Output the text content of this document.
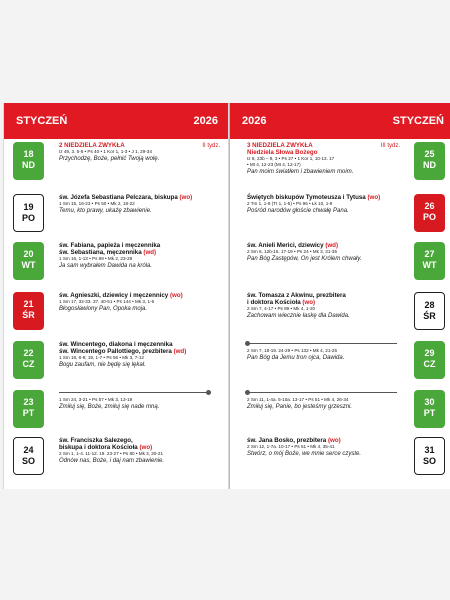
STYCZEŃ	2026
18
ND
II tydz.
2 NIEDZIELA ZWYKŁA
Iz 49, 3. 5-6 • Ps 40 • 1 Kor 1, 1-3 • J 1, 29-34
Przychodzę, Boże, pełnić Twoją wolę.
19
PO
św. Józefa Sebastiana Pelczara, biskupa (wo)
1 Sm 15, 16-23 • Ps 50 • Mk 2, 18-22
Temu, kto prawy, ukażę zbawienie.
20
WT
św. Fabiana, papieża i męczennika
św. Sebastiana, męczennika (wd)
1 Sm 16, 1-13 • Ps 89 • Mk 2, 23-28
Ja sam wybrałem Dawida na króla.
21
ŚR
św. Agnieszki, dziewicy i męczennicy (wo)
1 Sm 17, 32-33. 37. 40-51 • Ps 144 • Mk 3, 1-6
Błogosławiony Pan, Opoka moja.
22
CZ
św. Wincentego, diakona i męczennika
św. Wincentego Pallottiego, prezbitera (wd)
1 Sm 18, 6-9; 19, 1-7 • Ps 56 • Mk 3, 7-12
Bogu zaufam, nie będę się lękał.
23
PT
1 Sm 24, 3-21 • Ps 57 • Mk 3, 13-19
Zmiłuj się, Boże, zmiłuj się nade mną.
24
SO
św. Franciszka Salezego,
biskupa i doktora Kościoła (wo)
2 Sm 1, 1-4. 11-12. 19. 23-27 • Ps 80 • Mk 3, 20-21
Odnów nas, Boże, i daj nam zbawienie.
2026	STYCZEŃ
25
ND
III tydz.
3 NIEDZIELA ZWYKŁA
Niedziela Słowa Bożego
Iz 8, 23b – 9, 3 • Ps 27 • 1 Kor 1, 10-13. 17
• Mt 4, 12-23 (Mt 4, 12-17)
Pan moim światłem i zbawieniem moim.
26
PO
Świętych biskupów Tymoteusza i Tytusa (wo)
2 Tm 1, 1-8 (Tt 1, 1-5) • Ps 96 • Łk 10, 1-9
Pośród narodów głoście chwałę Pana.
27
WT
św. Anieli Merici, dziewicy (wd)
2 Sm 6, 12b-15. 17-19 • Ps 24 • Mk 3, 31-35
Pan Bóg Zastępów, On jest Królem chwały.
28
ŚR
św. Tomasza z Akwinu, prezbitera
i doktora Kościoła (wo)
2 Sm 7, 4-17 • Ps 89 • Mk 4, 1-20
Zachowam wiecznie łaskę dla Dawida.
29
CZ
2 Sm 7, 18-19. 24-29 • Ps 132 • Mk 4, 21-25
Pan Bóg da Jemu tron ojca, Dawida.
30
PT
2 Sm 11, 1-4a. 5-10a. 13-17 • Ps 51 • Mk 4, 26-34
Zmiłuj się, Panie, bo jesteśmy grzeszni.
31
SO
św. Jana Bosko, prezbitera (wo)
2 Sm 12, 1-7a. 10-17 • Ps 51 • Mk 4, 35-41
Stwórz, o mój Boże, we mnie serce czyste.
